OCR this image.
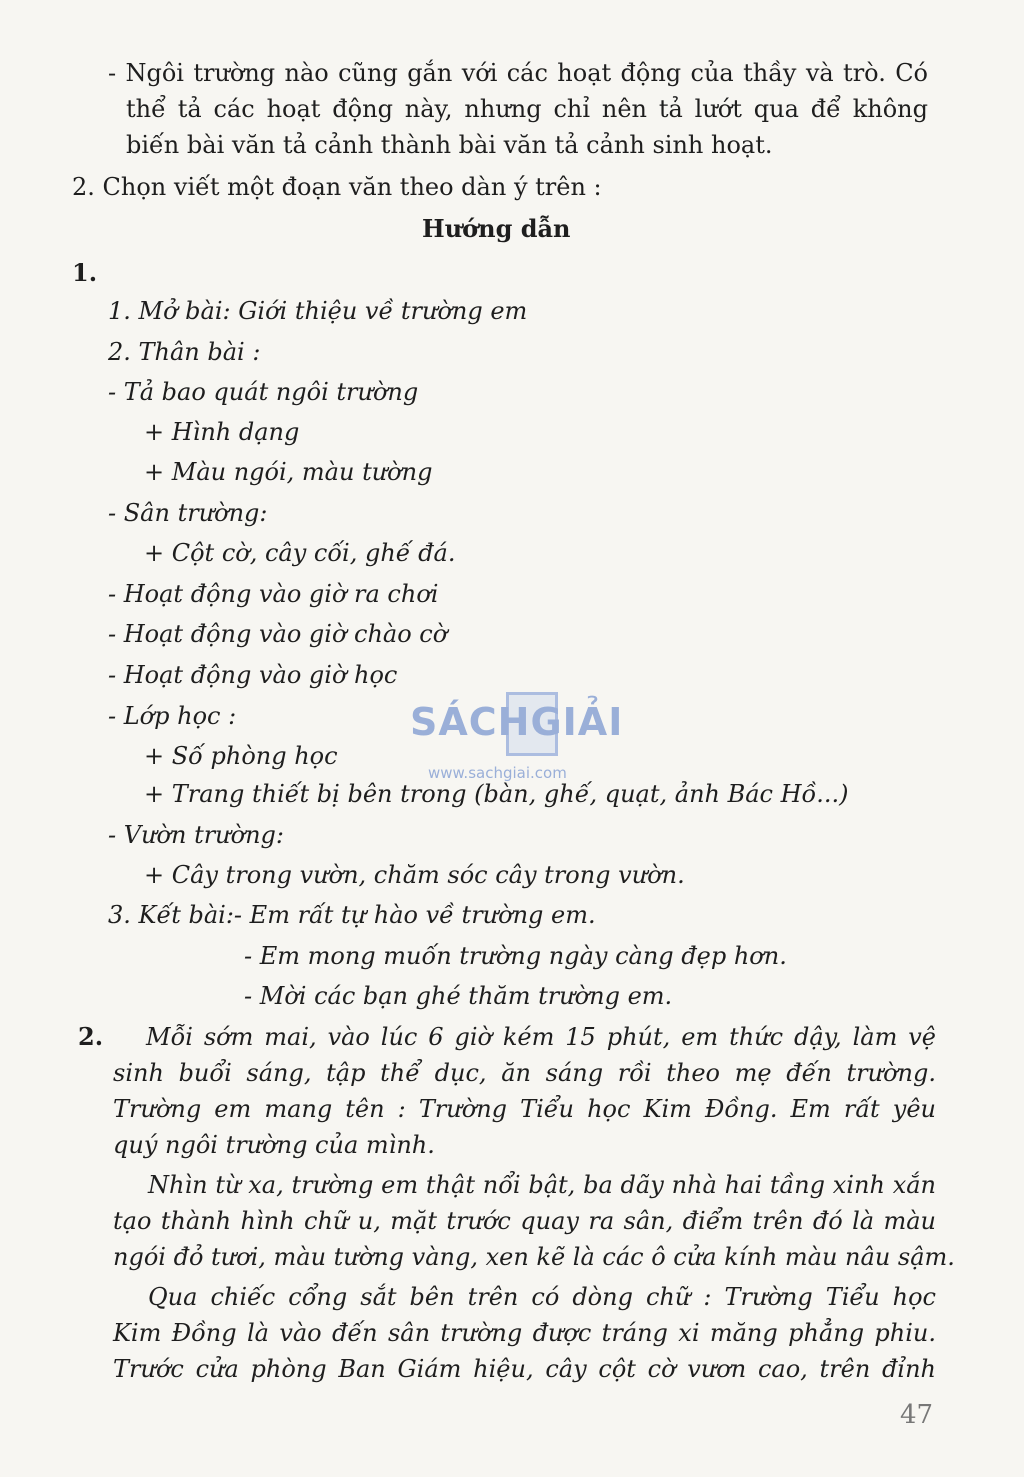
- Ngôi trường nào cũng gắn với các hoạt động của thầy và trò. Có
thể tả các hoạt động này, nhưng chỉ nên tả lướt qua để không
biến bài văn tả cảnh thành bài văn tả cảnh sinh hoạt.
2. Chọn viết một đoạn văn theo dàn ý trên :
Hướng dẫn
1.
1. Mở bài: Giới thiệu về trường em
2. Thân bài :
- Tả bao quát ngôi trường
+ Hình dạng
+ Màu ngói, màu tường
- Sân trường:
+ Cột cờ, cây cối, ghế đá.
- Hoạt động vào giờ ra chơi
- Hoạt động vào giờ chào cờ
- Hoạt động vào giờ học
- Lớp học :
+ Số phòng học
+ Trang thiết bị bên trong (bàn, ghế, quạt, ảnh Bác Hồ...)
- Vườn trường:
+ Cây trong vườn, chăm sóc cây trong vườn.
3. Kết bài:- Em rất tự hào về trường em.
- Em mong muốn trường ngày càng đẹp hơn.
- Mời các bạn ghé thăm trường em.
2. Mỗi sớm mai, vào lúc 6 giờ kém 15 phút, em thức dậy, làm vệ
sinh buổi sáng, tập thể dục, ăn sáng rồi theo mẹ đến trường.
Trường em mang tên : Trường Tiểu học Kim Đồng. Em rất yêu
quý ngôi trường của mình.
Nhìn từ xa, trường em thật nổi bật, ba dãy nhà hai tầng xinh xắn
tạo thành hình chữ u, mặt trước quay ra sân, điểm trên đó là màu
ngói đỏ tươi, màu tường vàng, xen kẽ là các ô cửa kính màu nâu sậm.
Qua chiếc cổng sắt bên trên có dòng chữ : Trường Tiểu học
Kim Đồng là vào đến sân trường được tráng xi măng phẳng phiu.
Trước cửa phòng Ban Giám hiệu, cây cột cờ vươn cao, trên đỉnh
SÁCHGIẢI
www.sachgiai.com
47
